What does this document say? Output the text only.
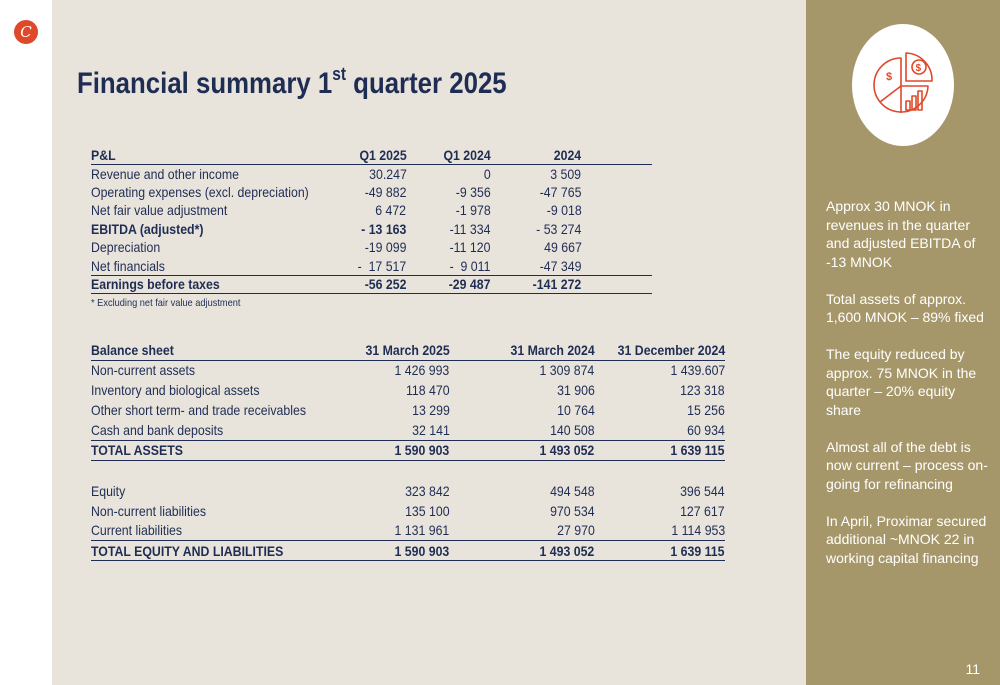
C
Financial summary 1st quarter 2025
P&L	Q1 2025	Q1 2024	2024	
Revenue and other income	30.247	0	3 509	
Operating expenses (excl. depreciation)	-49 882	-9 356	-47 765	
Net fair value adjustment	6 472	-1 978	-9 018	
EBITDA (adjusted*)	- 13 163	-11 334	- 53 274	
Depreciation	-19 099	-11 120	49 667	
Net financials	-  17 517	-  9 011	-47 349	
Earnings before taxes	-56 252	-29 487	-141 272	
* Excluding net fair value adjustment
Balance sheet	31 March 2025	31 March 2024	31 December 2024
Non-current assets	1 426 993	1 309 874	1 439.607
Inventory and biological assets	118 470	31 906	123 318
Other short term- and trade receivables	13 299	10 764	15 256
Cash and bank deposits	32 141	140 508	60 934
TOTAL ASSETS	1 590 903	1 493 052	1 639 115

Equity	323 842	494 548	396 544
Non-current liabilities	135 100	970 534	127 617
Current liabilities	1 131 961	27 970	1 114 953
TOTAL EQUITY AND LIABILITIES	1 590 903	1 493 052	1 639 115
$
$

Approx 30 MNOK in revenues in the quarter and adjusted EBITDA of -13 MNOK

Total assets of approx. 1,600 MNOK – 89% fixed

The equity reduced by approx. 75 MNOK in the quarter – 20% equity share

Almost all of the debt is now current – process on-going for refinancing

In April, Proximar secured additional ~MNOK 22 in working capital financing

11
